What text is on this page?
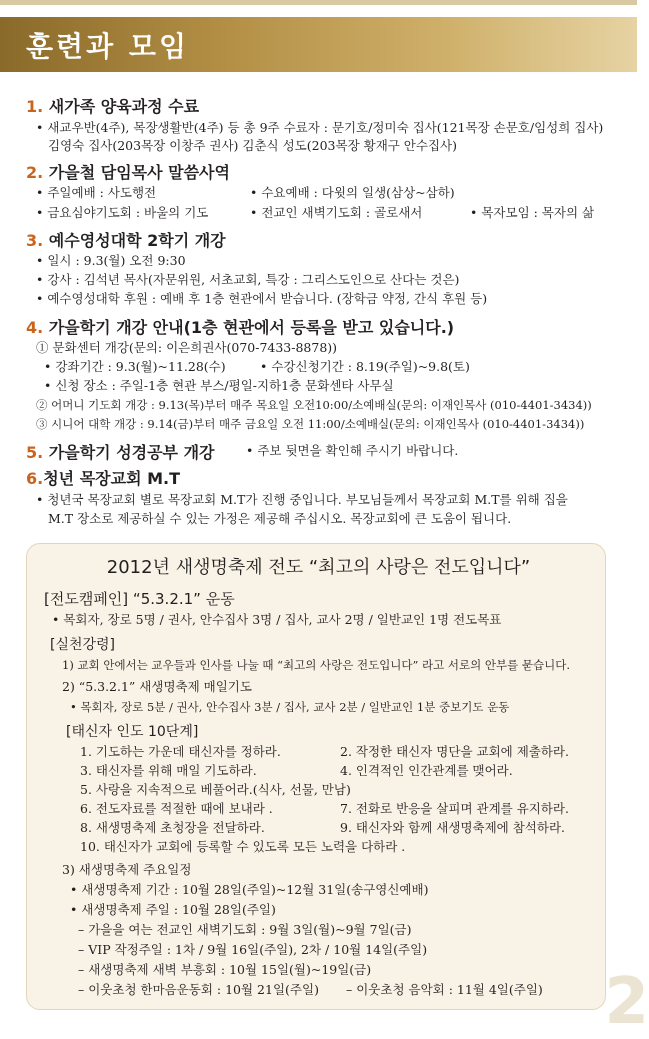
훈련과 모임
1. 새가족 양육과정 수료
• 새교우반(4주), 목장생활반(4주) 등 총 9주 수료자 : 문기호/정미숙 집사(121목장 손문호/임성희 집사)
김영숙 집사(203목장 이창주 권사) 김춘식 성도(203목장 황재구 안수집사)
2. 가을철 담임목사 말씀사역
• 주일예배 : 사도행전	• 수요예배 : 다윗의 일생(삼상~삼하)
• 금요심야기도회 : 바울의 기도	• 전교인 새벽기도회 : 골로새서	• 목자모임 : 목자의 삶
3. 예수영성대학 2학기 개강
• 일시 : 9.3(월) 오전 9:30
• 강사 : 김석년 목사(자문위원, 서초교회, 특강 : 그리스도인으로 산다는 것은)
• 예수영성대학 후원 : 예배 후 1층 현관에서 받습니다. (장학금 약정, 간식 후원 등)
4. 가을학기 개강 안내(1층 현관에서 등록을 받고 있습니다.)
① 문화센터 개강(문의: 이은희권사(070-7433-8878))
• 강좌기간 : 9.3(월)~11.28(수)	• 수강신청기간 : 8.19(주일)~9.8(토)
• 신청 장소 : 주일-1층 현관 부스/평일-지하1층 문화센타 사무실
② 어머니 기도회 개강 : 9.13(목)부터 매주 목요일 오전10:00/소예배실(문의: 이재인목사 (010-4401-3434))
③ 시니어 대학 개강 : 9.14(금)부터 매주 금요일 오전 11:00/소예배실(문의: 이재인목사 (010-4401-3434))
5. 가을학기 성경공부 개강	• 주보 뒷면을 확인해 주시기 바랍니다.
6.청년 목장교회 M.T
• 청년국 목장교회 별로 목장교회 M.T가 진행 중입니다. 부모님들께서 목장교회 M.T를 위해 집을
M.T 장소로 제공하실 수 있는 가정은 제공해 주십시오. 목장교회에 큰 도움이 됩니다.
2012년 새생명축제 전도 “최고의 사랑은 전도입니다”
[전도캠페인] “5.3.2.1” 운동
• 목회자, 장로 5명 / 권사, 안수집사 3명 / 집사, 교사 2명 / 일반교인 1명 전도목표
[실천강령]
1) 교회 안에서는 교우들과 인사를 나눌 때 “최고의 사랑은 전도입니다” 라고 서로의 안부를 묻습니다.
2) “5.3.2.1” 새생명축제 매일기도
• 목회자, 장로 5분 / 권사, 안수집사 3분 / 집사, 교사 2분 / 일반교인 1분 중보기도 운동
[태신자 인도 10단계]
1. 기도하는 가운데 태신자를 정하라.	2. 작정한 태신자 명단을 교회에 제출하라.
3. 태신자를 위해 매일 기도하라.	4. 인격적인 인간관계를 맺어라.
5. 사랑을 지속적으로 베풀어라.(식사, 선물, 만남)
6. 전도자료를 적절한 때에 보내라 .	7. 전화로 반응을 살피며 관계를 유지하라.
8. 새생명축제 초청장을 전달하라.	9. 태신자와 함께 새생명축제에 참석하라.
10. 태신자가 교회에 등록할 수 있도록 모든 노력을 다하라 .
3) 새생명축제 주요일정
• 새생명축제 기간 : 10월 28일(주일)~12월 31일(송구영신예배)
• 새생명축제 주일 : 10월 28일(주일)
– 가을을 여는 전교인 새벽기도회 : 9월 3일(월)~9월 7일(금)
– VIP 작정주일 : 1차 / 9월 16일(주일), 2차 / 10월 14일(주일)
– 새생명축제 새벽 부흥회 : 10월 15일(월)~19일(금)
– 이웃초청 한마음운동회 : 10월 21일(주일) – 이웃초청 음악회 : 11월 4일(주일) 2
